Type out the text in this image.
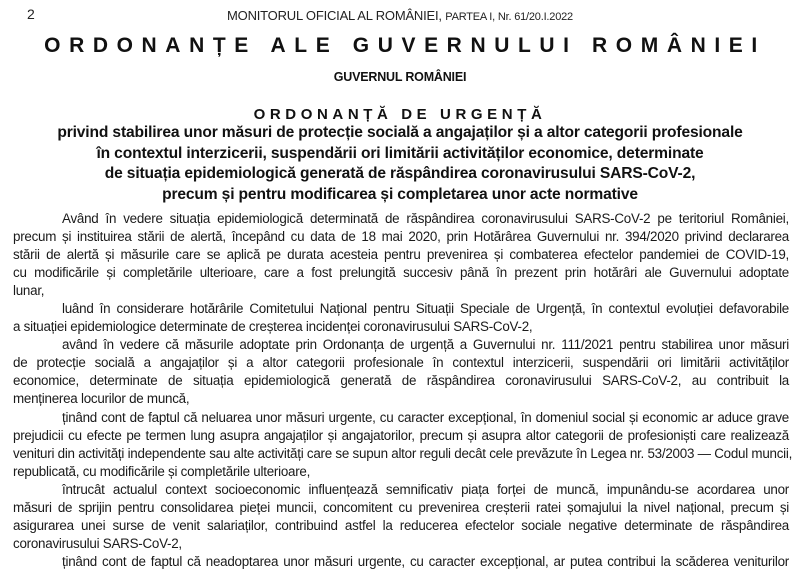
2	MONITORUL OFICIAL AL ROMÂNIEI, PARTEA I, Nr. 61/20.I.2022
ORDONANȚE ALE GUVERNULUI ROMÂNIEI
GUVERNUL ROMÂNIEI
ORDONANȚĂ DE URGENȚĂ
privind stabilirea unor măsuri de protecție socială a angajaților și a altor categorii profesionale
în contextul interzicerii, suspendării ori limitării activităților economice, determinate
de situația epidemiologică generată de răspândirea coronavirusului SARS-CoV-2,
precum și pentru modificarea și completarea unor acte normative
Având în vedere situația epidemiologică determinată de răspândirea coronavirusului SARS-CoV-2 pe teritoriul României,
precum și instituirea stării de alertă, începând cu data de 18 mai 2020, prin Hotărârea Guvernului nr. 394/2020 privind declararea
stării de alertă și măsurile care se aplică pe durata acesteia pentru prevenirea și combaterea efectelor pandemiei de COVID-19,
cu modificările și completările ulterioare, care a fost prelungită succesiv până în prezent prin hotărâri ale Guvernului adoptate
lunar,
luând în considerare hotărârile Comitetului Național pentru Situații Speciale de Urgență, în contextul evoluției defavorabile
a situației epidemiologice determinate de creșterea incidenței coronavirusului SARS-CoV-2,
având în vedere că măsurile adoptate prin Ordonanța de urgență a Guvernului nr. 111/2021 pentru stabilirea unor măsuri
de protecție socială a angajaților și a altor categorii profesionale în contextul interzicerii, suspendării ori limitării activităților
economice, determinate de situația epidemiologică generată de răspândirea coronavirusului SARS-CoV-2, au contribuit la
menținerea locurilor de muncă,
ținând cont de faptul că neluarea unor măsuri urgente, cu caracter excepțional, în domeniul social și economic ar aduce grave
prejudicii cu efecte pe termen lung asupra angajaților și angajatorilor, precum și asupra altor categorii de profesioniști care realizează
venituri din activități independente sau alte activități care se supun altor reguli decât cele prevăzute în Legea nr. 53/2003 — Codul muncii,
republicată, cu modificările și completările ulterioare,
întrucât actualul context socioeconomic influențează semnificativ piața forței de muncă, impunându-se acordarea unor
măsuri de sprijin pentru consolidarea pieței muncii, concomitent cu prevenirea creșterii ratei șomajului la nivel național, precum și
asigurarea unei surse de venit salariaților, contribuind astfel la reducerea efectelor sociale negative determinate de răspândirea
coronavirusului SARS-CoV-2,
ținând cont de faptul că neadoptarea unor măsuri urgente, cu caracter excepțional, ar putea contribui la scăderea veniturilor
